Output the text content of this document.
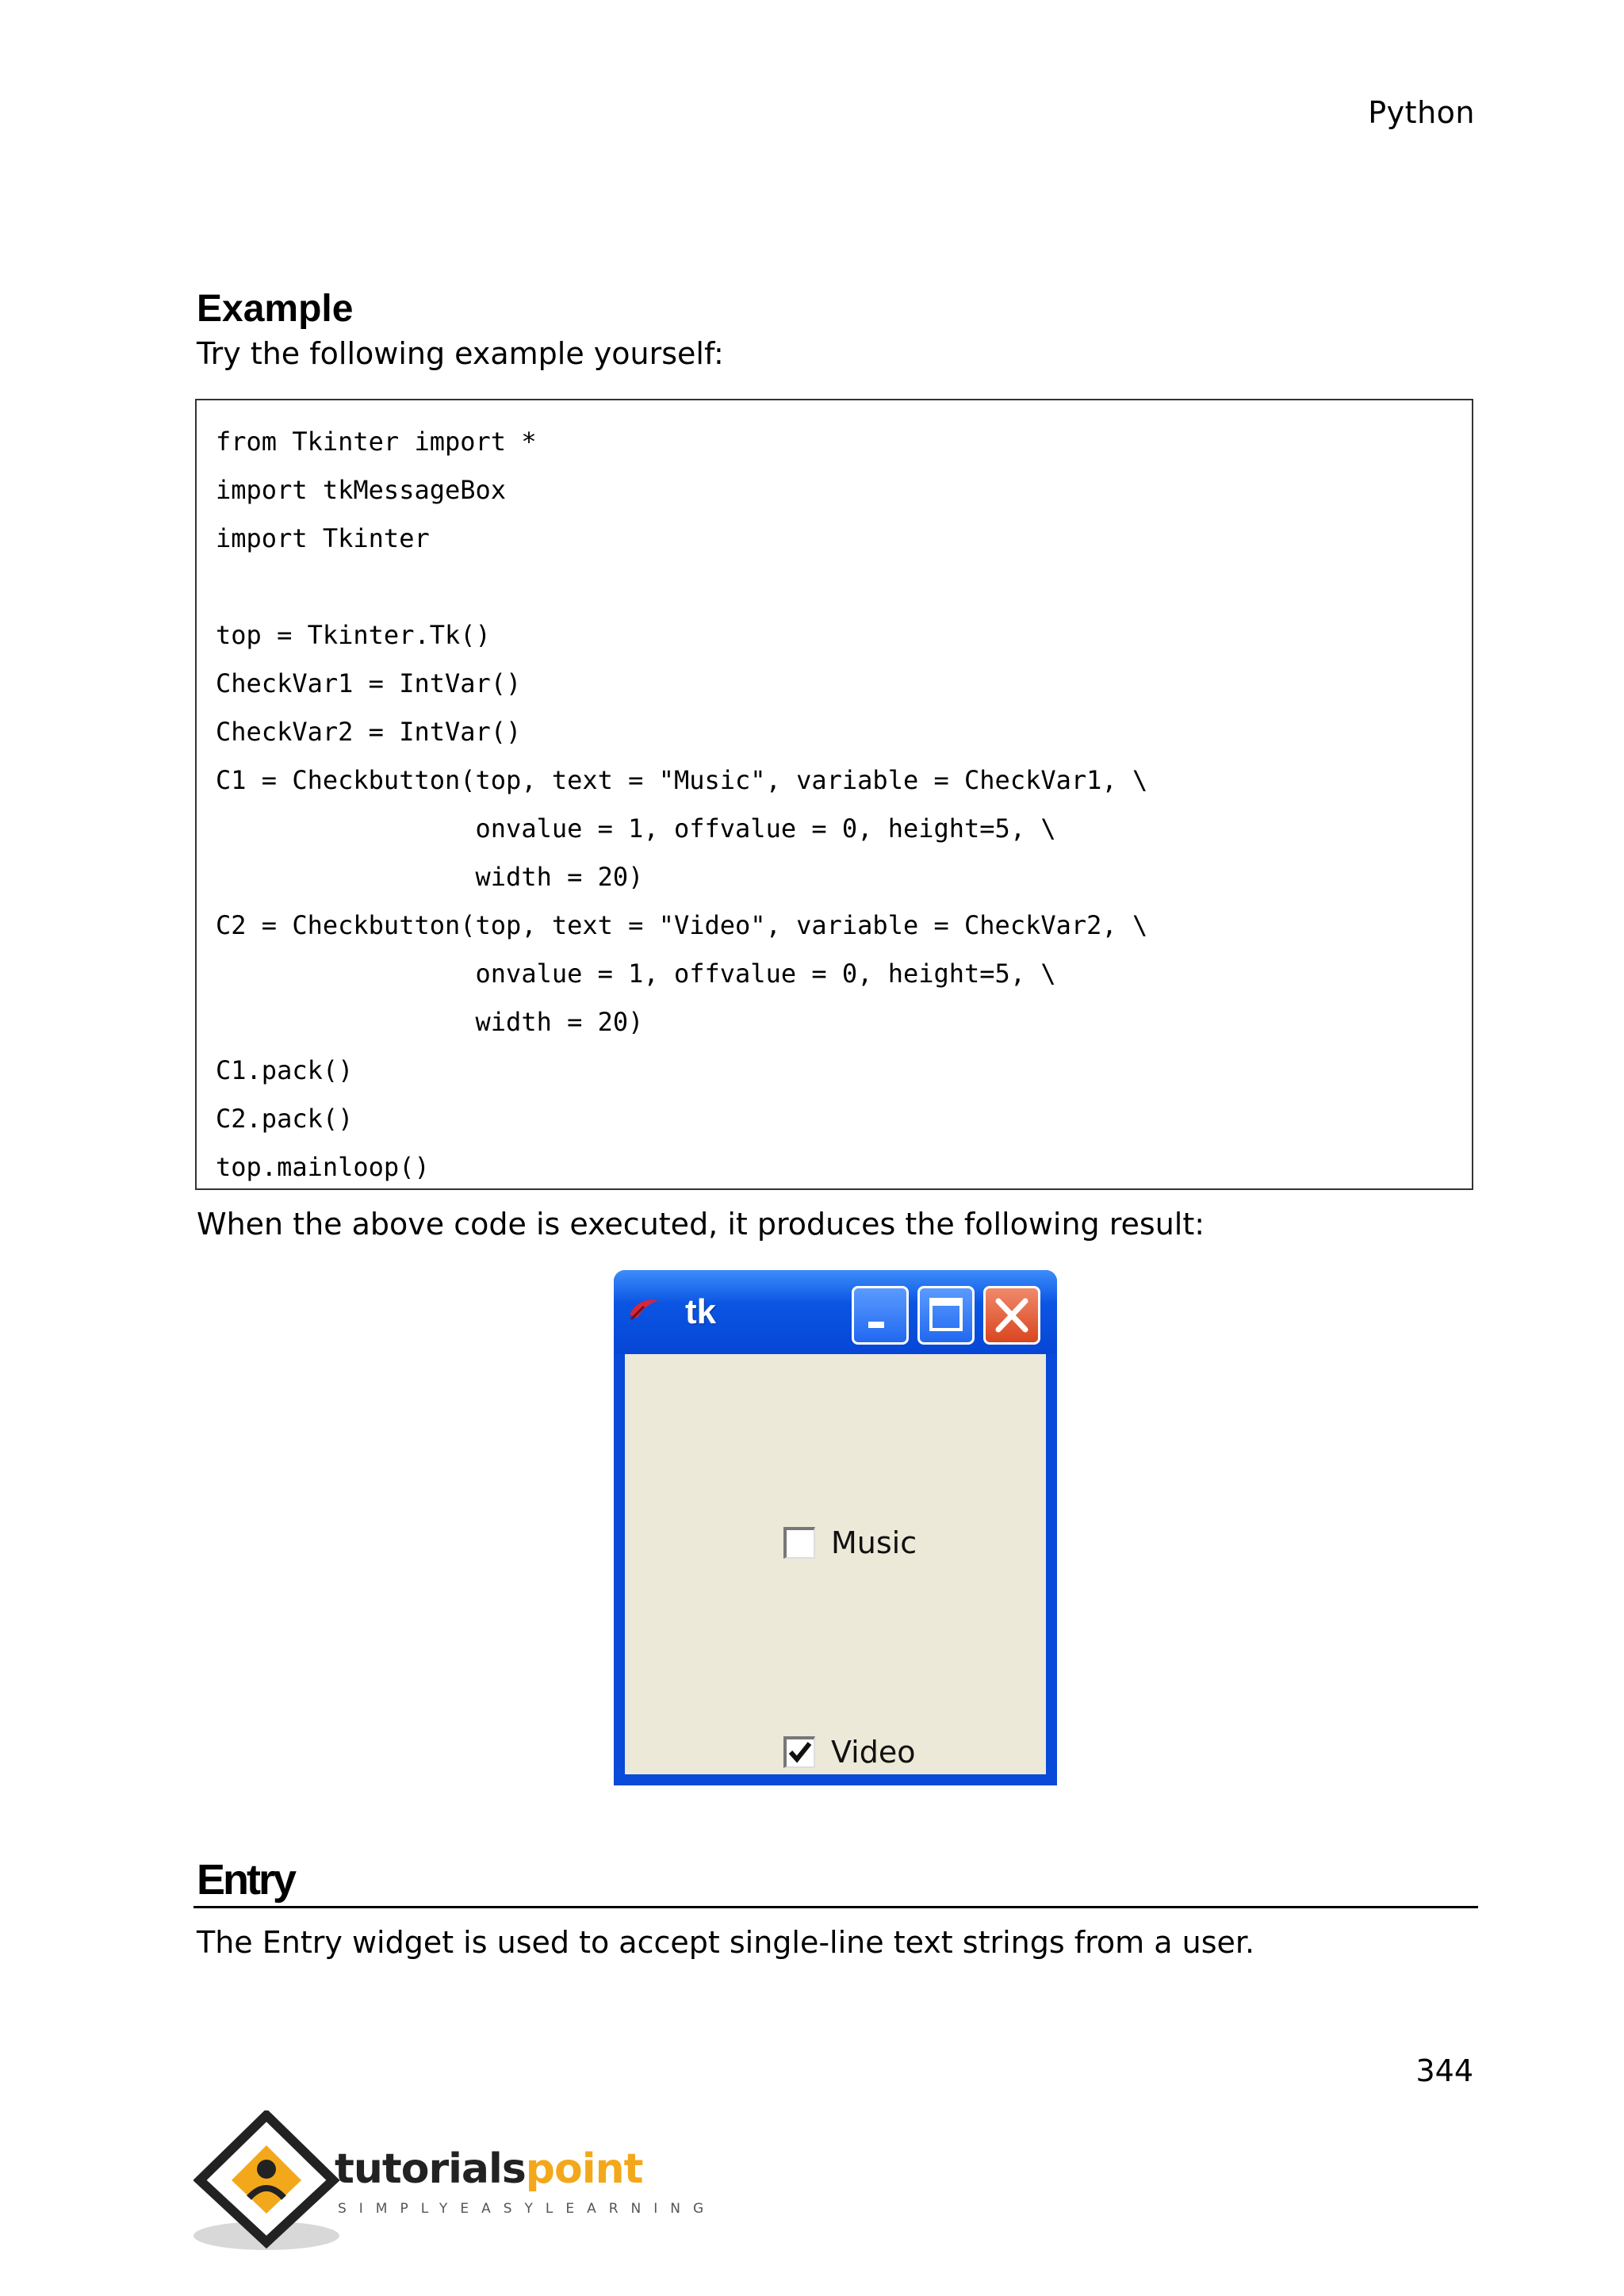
Python
Example
Try the following example yourself:
from Tkinter import *
import tkMessageBox
import Tkinter
top = Tkinter.Tk()
CheckVar1 = IntVar()
CheckVar2 = IntVar()
C1 = Checkbutton(top, text = "Music", variable = CheckVar1, \
onvalue = 1, offvalue = 0, height=5, \
width = 20)
C2 = Checkbutton(top, text = "Video", variable = CheckVar2, \
onvalue = 1, offvalue = 0, height=5, \
width = 20)
C1.pack()
C2.pack()
top.mainloop()
When the above code is executed, it produces the following result:
tk
Music
Video
Entry
The Entry widget is used to accept single-line text strings from a user.
344
tutorialspoint
SIMPLYEASYLEARNING
